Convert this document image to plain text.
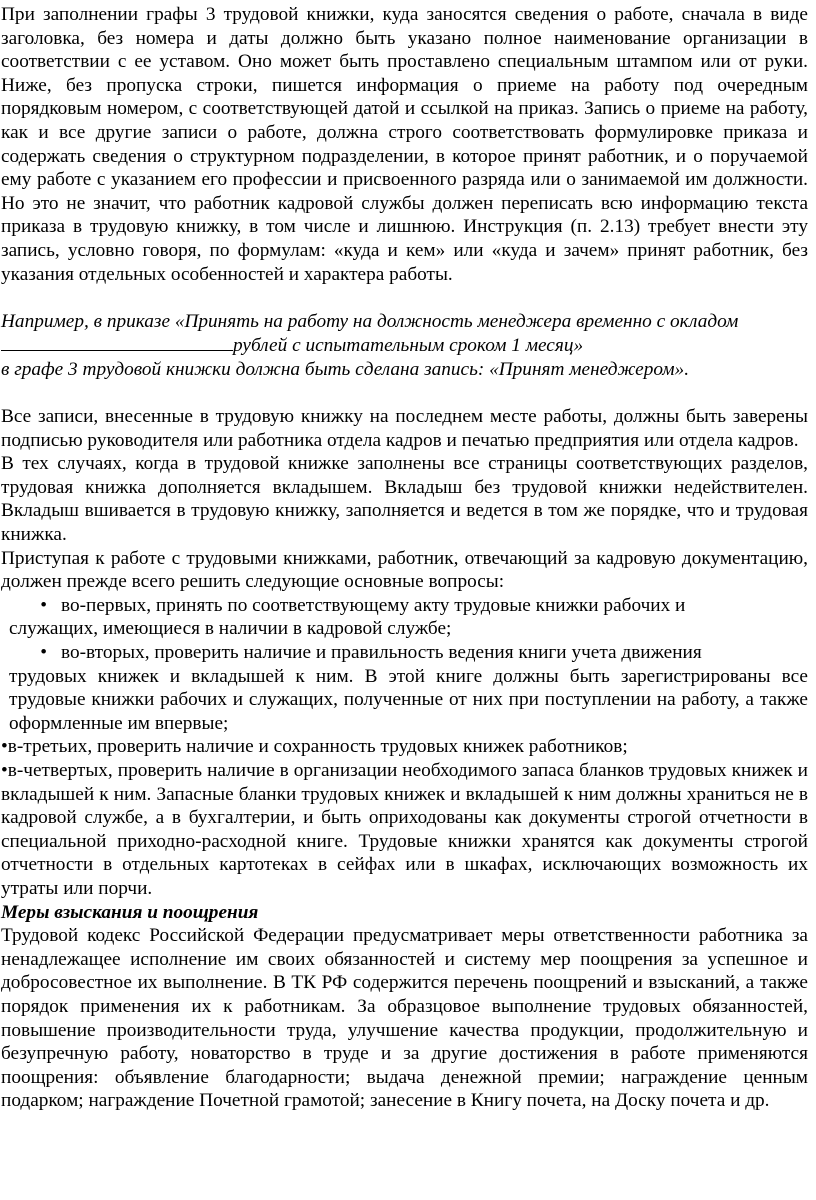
При заполнении графы 3 трудовой книжки, куда заносятся сведения о работе, сначала в виде заголовка, без номера и даты должно быть указано полное наименование организации в соответствии с ее уставом. Оно может быть проставлено специальным штампом или от руки. Ниже, без пропуска строки, пишется информация о приеме на работу под очередным порядковым номером, с соответствующей датой и ссылкой на приказ. Запись о приеме на работу, как и все другие записи о работе, должна строго соответствовать формулировке приказа и содержать сведения о структурном подразделении, в которое принят работник, и о поручаемой ему работе с указанием его профессии и присвоенного разряда или о занимаемой им должности. Но это не значит, что работник кадровой службы должен переписать всю информацию текста приказа в трудовую книжку, в том числе и лишнюю. Инструкция (п. 2.13) требует внести эту запись, условно говоря, по формулам: «куда и кем» или «куда и зачем» принят работник, без указания отдельных особенностей и характера работы.

Например, в приказе «Принять на работу на должность менеджера временно с окладом

рублей с испытательным сроком 1 месяц»

в графе 3 трудовой книжки должна быть сделана запись: «Принят менеджером».

Все записи, внесенные в трудовую книжку на последнем месте работы, должны быть заверены подписью руководителя или работника отдела кадров и печатью предприятия или отдела кадров.

В тех случаях, когда в трудовой книжке заполнены все страницы соответствующих разделов, трудовая книжка дополняется вкладышем. Вкладыш без трудовой книжки недействителен. Вкладыш вшивается в трудовую книжку, заполняется и ведется в том же порядке, что и трудовая книжка.

Приступая к работе с трудовыми книжками, работник, отвечающий за кадровую документацию, должен прежде всего решить следующие основные вопросы:

• во-первых, принять по соответствующему акту трудовые книжки рабочих и

служащих, имеющиеся в наличии в кадровой службе;

• во-вторых, проверить наличие и правильность ведения книги учета движения

трудовых книжек и вкладышей к ним. В этой книге должны быть зарегистрированы все трудовые книжки рабочих и служащих, полученные от них при поступлении на работу, а также оформленные им впервые;

•в-третьих, проверить наличие и сохранность трудовых книжек работников;

•в-четвертых, проверить наличие в организации необходимого запаса бланков трудовых книжек и вкладышей к ним. Запасные бланки трудовых книжек и вкладышей к ним должны храниться не в кадровой службе, а в бухгалтерии, и быть оприходованы как документы строгой отчетности в специальной приходно-расходной книге. Трудовые книжки хранятся как документы строгой отчетности в отдельных картотеках в сейфах или в шкафах, исключающих возможность их утраты или порчи.

Меры взыскания и поощрения

Трудовой кодекс Российской Федерации предусматривает меры ответственности работника за ненадлежащее исполнение им своих обязанностей и систему мер поощрения за успешное и добросовестное их выполнение. В ТК РФ содержится перечень поощрений и взысканий, а также порядок применения их к работникам. За образцовое выполнение трудовых обязанностей, повышение производительности труда, улучшение качества продукции, продолжительную и безупречную работу, новаторство в труде и за другие достижения в работе применяются поощрения: объявление благодарности; выдача денежной премии; награждение ценным подарком; награждение Почетной грамотой; занесение в Книгу почета, на Доску почета и др.
